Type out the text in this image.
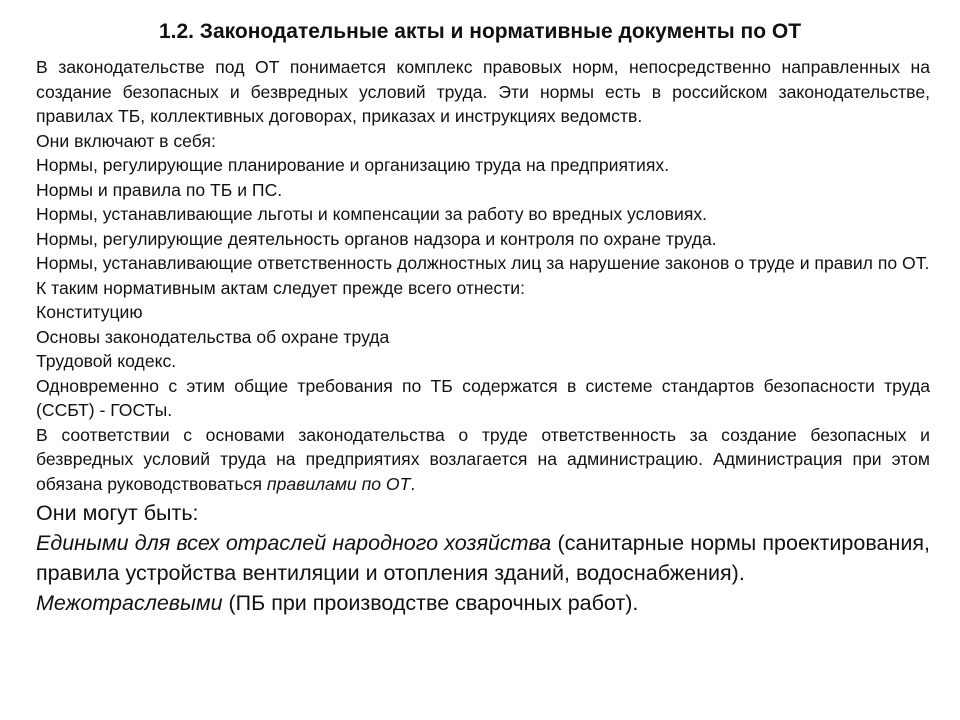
1.2. Законодательные акты и нормативные документы по ОТ

В законодательстве под ОТ понимается комплекс правовых норм, непосредственно направленных на создание безопасных и безвредных условий труда. Эти нормы есть в российском законодательстве, правилах ТБ, коллективных договорах, приказах и инструкциях ведомств.

Они включают в себя:

Нормы, регулирующие планирование и организацию труда на предприятиях.

Нормы и правила по ТБ и ПС.

Нормы, устанавливающие льготы и компенсации за работу во вредных условиях.

Нормы, регулирующие деятельность органов надзора и контроля по охране труда.

Нормы, устанавливающие ответственность должностных лиц за нарушение законов о труде и правил по ОТ.

К таким нормативным актам следует прежде всего отнести:

Конституцию

Основы законодательства об охране труда

Трудовой кодекс.

Одновременно с этим общие требования по ТБ содержатся в системе стандартов безопасности труда (ССБТ) - ГОСТы.

В соответствии с основами законодательства о труде ответственность за создание безопасных и безвредных условий труда на предприятиях возлагается на администрацию. Администрация при этом обязана руководствоваться правилами по ОТ.

Они могут быть:

Едиными для всех отраслей народного хозяйства (санитарные нормы проектирования, правила устройства вентиляции и отопления зданий, водоснабжения).

Межотраслевыми (ПБ при производстве сварочных работ).
